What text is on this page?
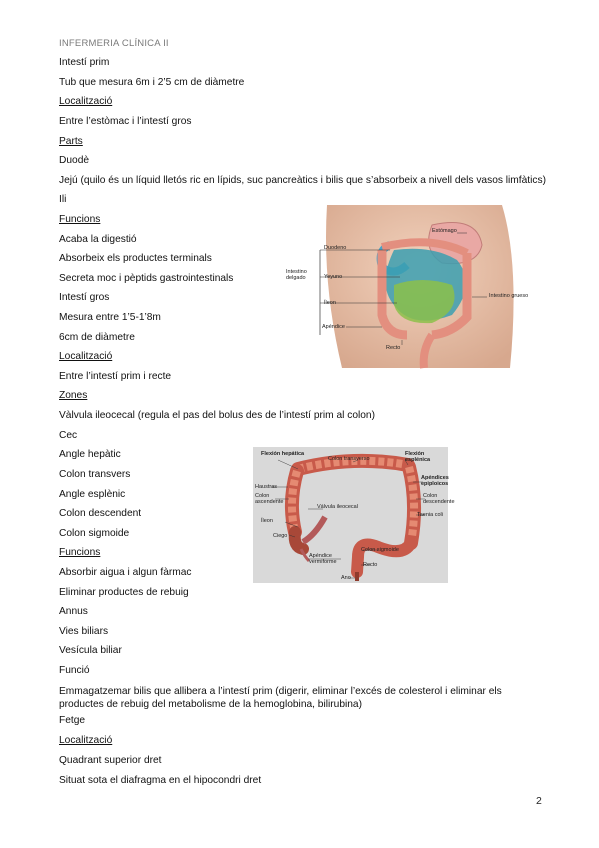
INFERMERIA CLÍNICA II
Intestí prim
Tub que mesura 6m i 2’5 cm de diàmetre
Localització
Entre l’estòmac i l’intestí gros
Parts
Duodè
Jejú (quilo és un líquid lletós ric en lípids, suc pancreàtics i bilis que s’absorbeix a nivell dels vasos limfàtics)
Ili
Funcions
Acaba la digestió
Absorbeix els productes terminals
Secreta moc i pèptids gastrointestinals
Intestí gros
Mesura entre 1’5-1’8m
6cm de diàmetre
Localització
Entre l’intestí prim i recte
Zones
Vàlvula ileocecal (regula el pas del bolus des de l’intestí prim al colon)
Cec
Angle hepàtic
Colon transvers
Angle esplènic
Colon descendent
Colon sigmoide
Funcions
Absorbir aigua i algun fàrmac
Eliminar productes de rebuig
Annus
Vies biliars
Vesícula biliar
Funció
Emmagatzemar bilis que allibera a l’intestí prim (digerir, eliminar l’excés de colesterol i eliminar els productes de rebuig del metabolisme de la hemoglobina, bilirubina)
Fetge
Localització
Quadrant superior dret
Situat sota el diafragma en el hipocondri dret
Estómago
Duodeno
Intestino delgado	Yeyuno
Íleon
Intestino grueso
Apéndice
Recto
Flexión hepática
Colon transverso
Flexión esplénica
Haustras
Apéndices epiploicos
Colon ascendente
Colon descendente
Válvula ileocecal
Taenia coli
Íleon
Colon sigmoide
Ciego
Apéndice vermiforme	Recto
Ano
2
